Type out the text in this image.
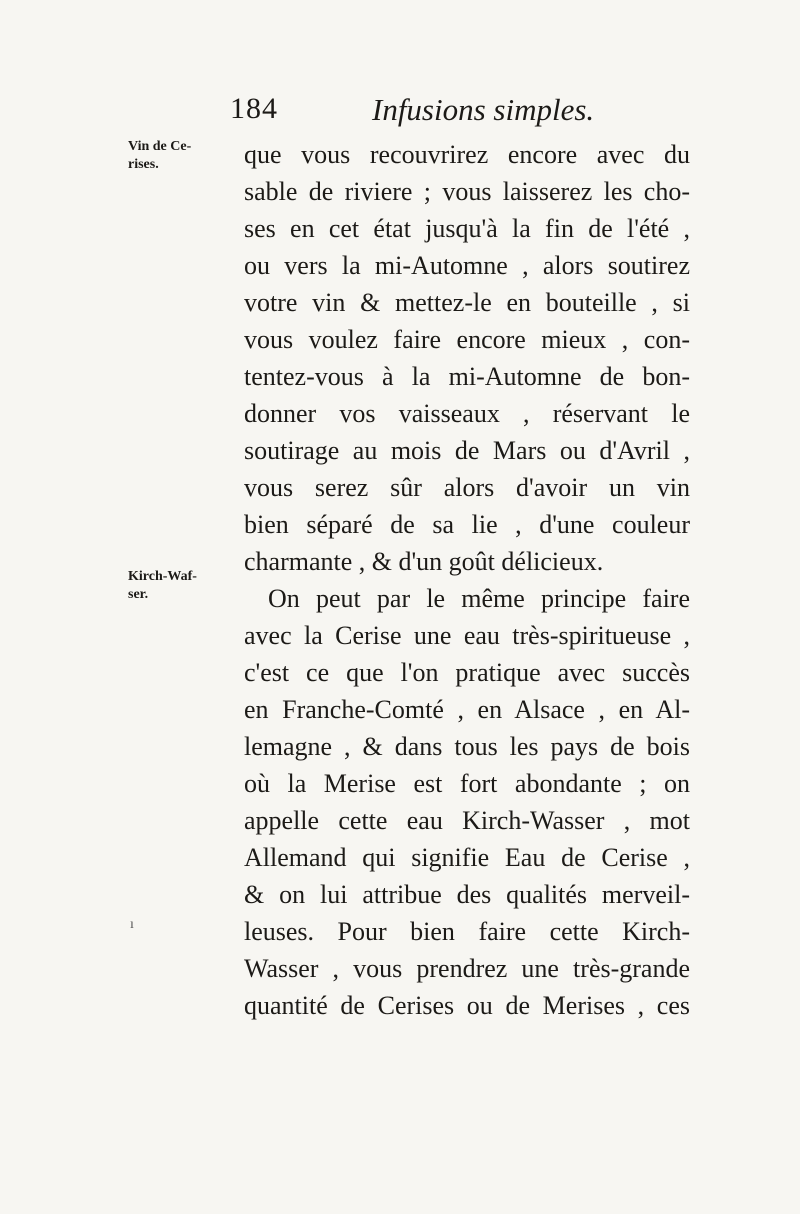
184	Infusions simples.
Vin de Ce-
rises.
Kirch-Waf-
ser.
ı
que vous recouvrirez encore avec du
sable de riviere ; vous laisserez les cho-
ses en cet état jusqu'à la fin de l'été ,
ou vers la mi-Automne , alors soutirez
votre vin & mettez-le en bouteille , si
vous voulez faire encore mieux , con-
tentez-vous à la mi-Automne de bon-
donner vos vaisseaux , réservant le
soutirage au mois de Mars ou d'Avril ,
vous serez sûr alors d'avoir un vin
bien séparé de sa lie , d'une couleur
charmante , & d'un goût délicieux.
On peut par le même principe faire
avec la Cerise une eau très-spiritueuse ,
c'est ce que l'on pratique avec succès
en Franche-Comté , en Alsace , en Al-
lemagne , & dans tous les pays de bois
où la Merise est fort abondante ; on
appelle cette eau Kirch-Wasser , mot
Allemand qui signifie Eau de Cerise ,
& on lui attribue des qualités merveil-
leuses. Pour bien faire cette Kirch-
Wasser , vous prendrez une très-grande
quantité de Cerises ou de Merises , ces
